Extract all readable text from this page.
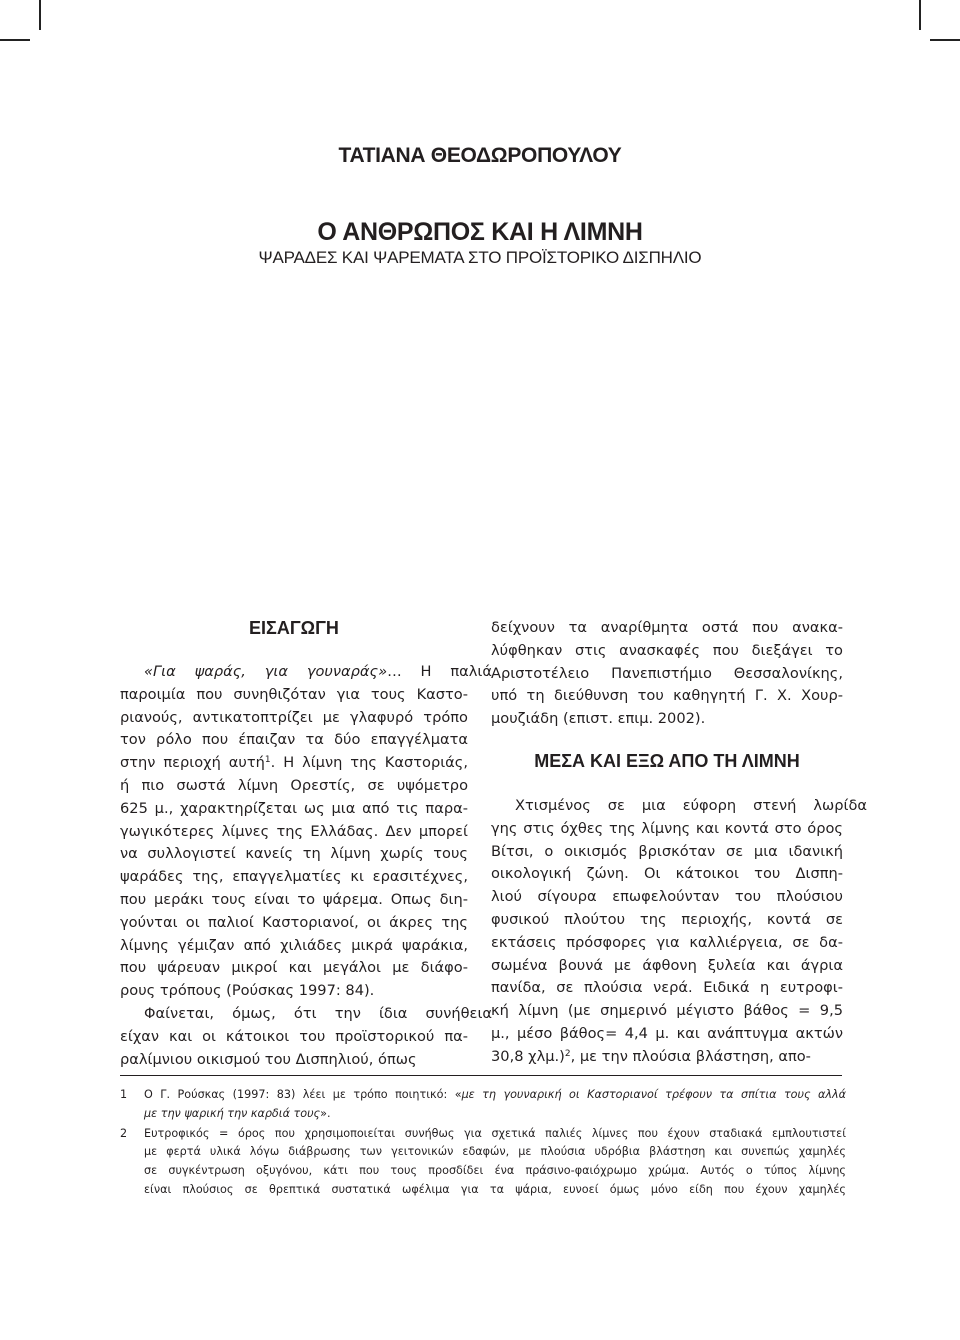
ΤΑΤΙΑΝΑ ΘΕΟΔΩΡΟΠΟΥΛΟΥ
Ο ΑΝΘΡΩΠΟΣ ΚΑΙ Η ΛΙΜΝΗ
ΨΑΡΑΔΕΣ ΚΑΙ ΨΑΡΕΜΑΤΑ ΣΤΟ ΠΡΟΪΣΤΟΡΙΚΟ ΔΙΣΠΗΛΙΟ
ΕΙΣΑΓΩΓΗ
«Για ψαράς, για γουναράς»… Η παλιά
παροιμία που συνηθιζόταν για τους Καστο-
ριανούς, αντικατοπτρίζει με γλαφυρό τρόπο
τον ρόλο που έπαιζαν τα δύο επαγγέλματα
στην περιοχή αυτή$^1$. Η λίμνη της Καστοριάς,
ή πιο σωστά λίμνη Ορεστίς, σε υψόμετρο
625 μ., χαρακτηρίζεται ως μια από τις παρα-
γωγικότερες λίμνες της Ελλάδας. Δεν μπορεί
να συλλογιστεί κανείς τη λίμνη χωρίς τους
ψαράδες της, επαγγελματίες κι ερασιτέχνες,
που μεράκι τους είναι το ψάρεμα. Οπως διη-
γούνται οι παλιοί Καστοριανοί, οι άκρες της
λίμνης γέμιζαν από χιλιάδες μικρά ψαράκια,
που ψάρευαν μικροί και μεγάλοι με διάφο-
ρους τρόπους (Ρούσκας 1997: 84).
Φαίνεται, όμως, ότι την ίδια συνήθεια
είχαν και οι κάτοικοι του προϊστορικού πα-
ραλίμνιου οικισμού του Δισπηλιού, όπως
δείχνουν τα αναρίθμητα οστά που ανακα-
λύφθηκαν στις ανασκαφές που διεξάγει το
Αριστοτέλειο Πανεπιστήμιο Θεσσαλονίκης,
υπό τη διεύθυνση του καθηγητή Γ. Χ. Χουρ-
μουζιάδη (επιστ. επιμ. 2002).
ΜΕΣΑ ΚΑΙ ΕΞΩ ΑΠΟ ΤΗ ΛΙΜΝΗ
Χτισμένος σε μια εύφορη στενή λωρίδα
γης στις όχθες της λίμνης και κοντά στο όρος
Βίτσι, ο οικισμός βρισκόταν σε μια ιδανική
οικολογική ζώνη. Οι κάτοικοι του Δισπη-
λιού σίγουρα επωφελούνταν του πλούσιου
φυσικού πλούτου της περιοχής, κοντά σε
εκτάσεις πρόσφορες για καλλιέργεια, σε δα-
σωμένα βουνά με άφθονη ξυλεία και άγρια
πανίδα, σε πλούσια νερά. Ειδικά η ευτροφι-
κή λίμνη (με σημερινό μέγιστο βάθος = 9,5
μ., μέσο βάθος= 4,4 μ. και ανάπτυγμα ακτών
30,8 χλμ.)$^2$, με την πλούσια βλάστηση, απο-
1	Ο Γ. Ρούσκας (1997: 83) λέει με τρόπο ποιητικό: «με τη γουναρική οι Καστοριανοί τρέφουν τα σπίτια τους αλλά
με την ψαρική την καρδιά τους».
2	Ευτροφικός = όρος που χρησιμοποιείται συνήθως για σχετικά παλιές λίμνες που έχουν σταδιακά εμπλουτιστεί
με φερτά υλικά λόγω διάβρωσης των γειτονικών εδαφών, με πλούσια υδρόβια βλάστηση και συνεπώς χαμηλές
σε συγκέντρωση οξυγόνου, κάτι που τους προσδίδει ένα πράσινο-φαιόχρωμο χρώμα. Αυτός ο τύπος λίμνης
είναι πλούσιος σε θρεπτικά συστατικά ωφέλιμα για τα ψάρια, ευνοεί όμως μόνο είδη που έχουν χαμηλές
